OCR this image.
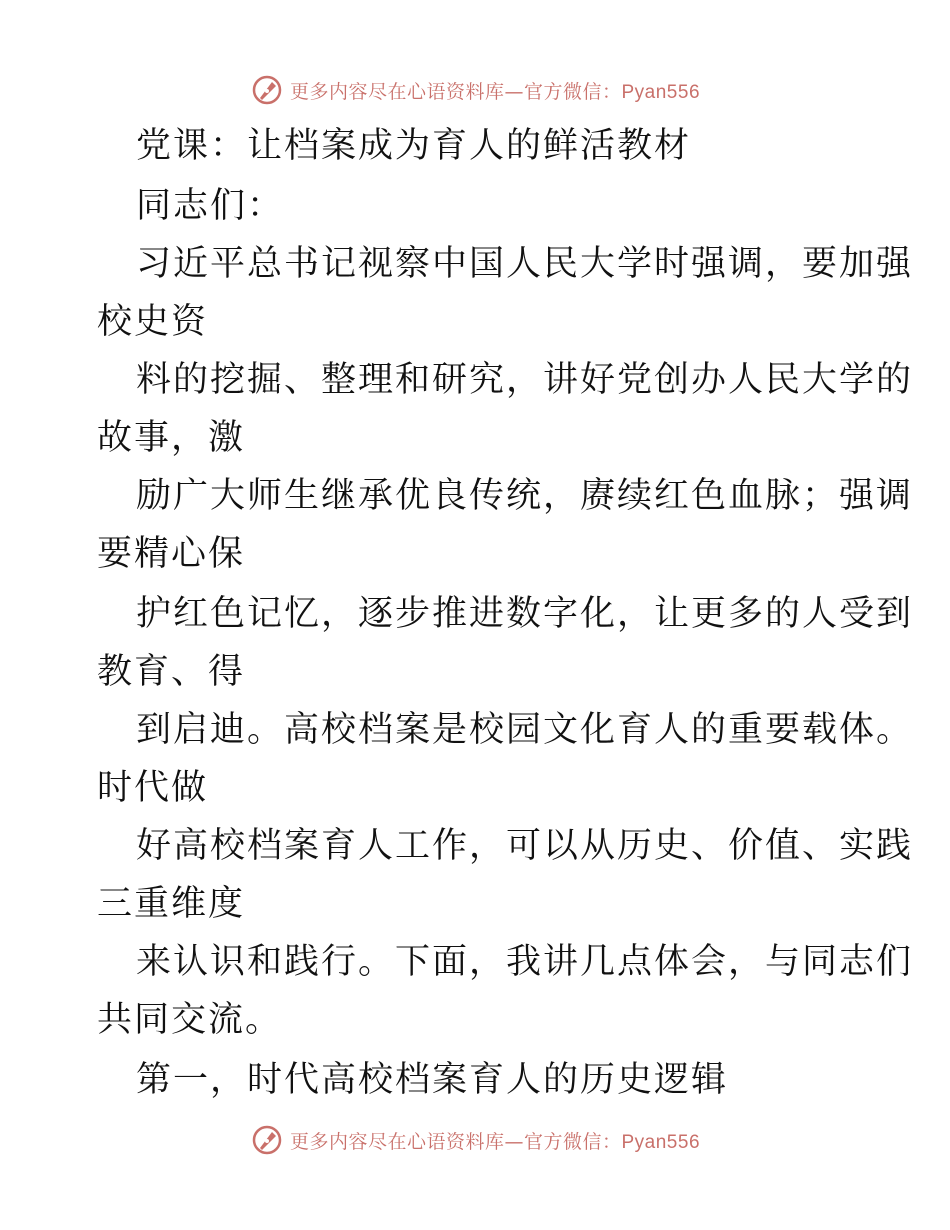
更多内容尽在心语资料库—官方微信：Pyan556
党课：让档案成为育人的鲜活教材
同志们：
习近平总书记视察中国人民大学时强调，要加强
校史资
料的挖掘、整理和研究，讲好党创办人民大学的
故事，激
励广大师生继承优良传统，赓续红色血脉；强调
要精心保
护红色记忆，逐步推进数字化，让更多的人受到
教育、得
到启迪。高校档案是校园文化育人的重要载体。
时代做
好高校档案育人工作，可以从历史、价值、实践
三重维度
来认识和践行。下面，我讲几点体会，与同志们
共同交流。
第一，时代高校档案育人的历史逻辑
更多内容尽在心语资料库—官方微信：Pyan556
